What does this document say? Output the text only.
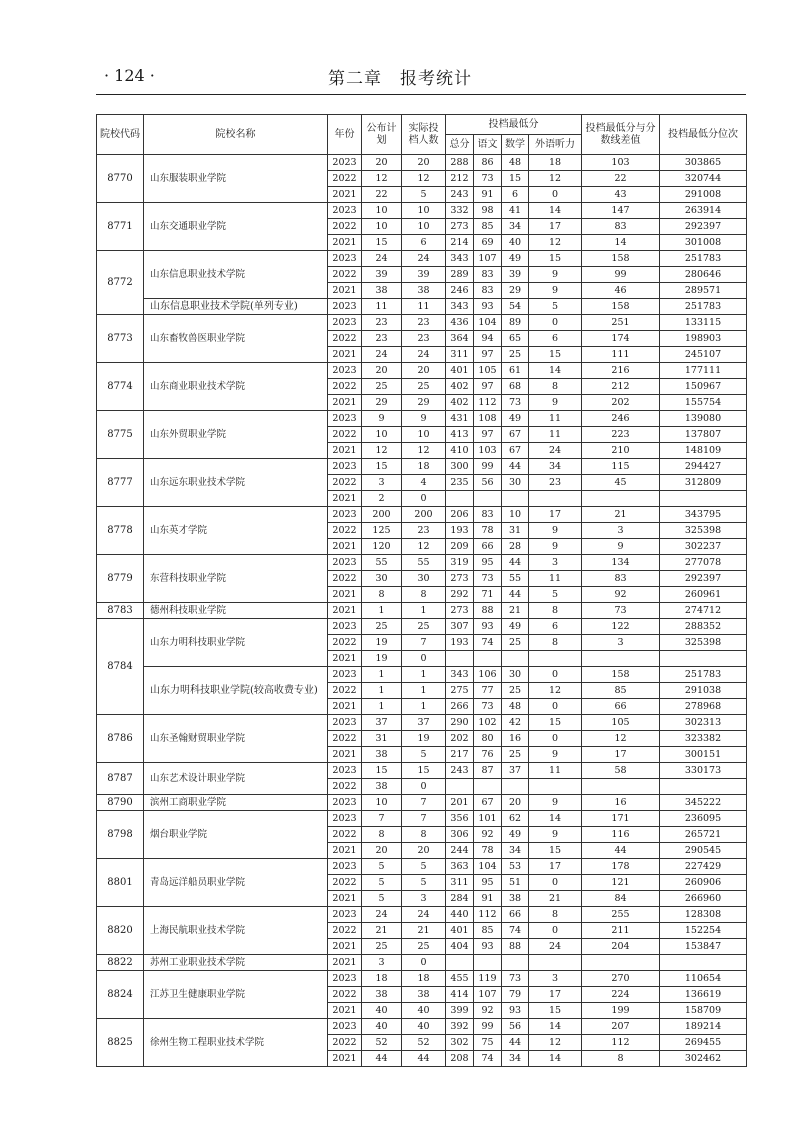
· 124 ·	第二章　报考统计
院校代码	院校名称	年份	公布计划	实际投档人数	投档最低分				投档最低分与分数线差值	投档最低分位次
					总分	语文	数学	外语听力		
8770	山东服装职业学院	2023	20	20	288	86	48	18	103	303865
		2022	12	12	212	73	15	12	22	320744
		2021	22	5	243	91	6	0	43	291008
8771	山东交通职业学院	2023	10	10	332	98	41	14	147	263914
		2022	10	10	273	85	34	17	83	292397
		2021	15	6	214	69	40	12	14	301008
8772	山东信息职业技术学院	2023	24	24	343	107	49	15	158	251783
		2022	39	39	289	83	39	9	99	280646
		2021	38	38	246	83	29	9	46	289571
	山东信息职业技术学院(单列专业)	2023	11	11	343	93	54	5	158	251783
8773	山东畜牧兽医职业学院	2023	23	23	436	104	89	0	251	133115
		2022	23	23	364	94	65	6	174	198903
		2021	24	24	311	97	25	15	111	245107
8774	山东商业职业技术学院	2023	20	20	401	105	61	14	216	177111
		2022	25	25	402	97	68	8	212	150967
		2021	29	29	402	112	73	9	202	155754
8775	山东外贸职业学院	2023	9	9	431	108	49	11	246	139080
		2022	10	10	413	97	67	11	223	137807
		2021	12	12	410	103	67	24	210	148109
8777	山东远东职业技术学院	2023	15	18	300	99	44	34	115	294427
		2022	3	4	235	56	30	23	45	312809
		2021	2	0						
8778	山东英才学院	2023	200	200	206	83	10	17	21	343795
		2022	125	23	193	78	31	9	3	325398
		2021	120	12	209	66	28	9	9	302237
8779	东营科技职业学院	2023	55	55	319	95	44	3	134	277078
		2022	30	30	273	73	55	11	83	292397
		2021	8	8	292	71	44	5	92	260961
8783	德州科技职业学院	2021	1	1	273	88	21	8	73	274712
8784	山东力明科技职业学院	2023	25	25	307	93	49	6	122	288352
		2022	19	7	193	74	25	8	3	325398
		2021	19	0						
	山东力明科技职业学院(较高收费专业)	2023	1	1	343	106	30	0	158	251783
		2022	1	1	275	77	25	12	85	291038
		2021	1	1	266	73	48	0	66	278968
8786	山东圣翰财贸职业学院	2023	37	37	290	102	42	15	105	302313
		2022	31	19	202	80	16	0	12	323382
		2021	38	5	217	76	25	9	17	300151
8787	山东艺术设计职业学院	2023	15	15	243	87	37	11	58	330173
		2022	38	0						
8790	滨州工商职业学院	2023	10	7	201	67	20	9	16	345222
8798	烟台职业学院	2023	7	7	356	101	62	14	171	236095
		2022	8	8	306	92	49	9	116	265721
		2021	20	20	244	78	34	15	44	290545
8801	青岛远洋船员职业学院	2023	5	5	363	104	53	17	178	227429
		2022	5	5	311	95	51	0	121	260906
		2021	5	3	284	91	38	21	84	266960
8820	上海民航职业技术学院	2023	24	24	440	112	66	8	255	128308
		2022	21	21	401	85	74	0	211	152254
		2021	25	25	404	93	88	24	204	153847
8822	苏州工业职业技术学院	2021	3	0						
8824	江苏卫生健康职业学院	2023	18	18	455	119	73	3	270	110654
		2022	38	38	414	107	79	17	224	136619
		2021	40	40	399	92	93	15	199	158709
8825	徐州生物工程职业技术学院	2023	40	40	392	99	56	14	207	189214
		2022	52	52	302	75	44	12	112	269455
		2021	44	44	208	74	34	14	8	302462
